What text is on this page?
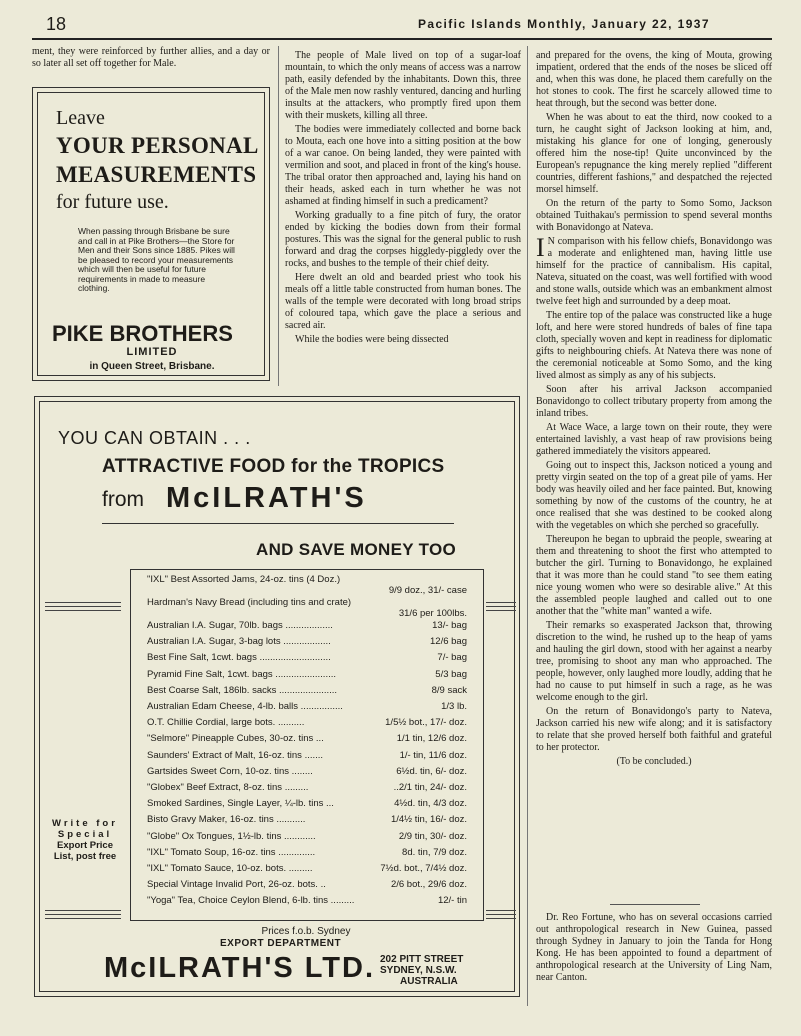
18	Pacific Islands Monthly, January 22, 1937

ment, they were reinforced by further allies, and a day or so later all set off together for Male.

Leave
YOUR PERSONAL
MEASUREMENTS
for future use.
When passing through Brisbane be sure and call in at Pike Brothers—the Store for Men and their Sons since 1885. Pikes will be pleased to record your measurements which will then be useful for future requirements in made to measure clothing.
PIKE BROTHERS
LIMITED
in Queen Street, Brisbane.

The people of Male lived on top of a sugar-loaf mountain, to which the only means of access was a narrow path, easily defended by the inhabitants. Down this, three of the Male men now rashly ventured, dancing and hurling insults at the attackers, who promptly fired upon them with their muskets, killing all three.

The bodies were immediately collected and borne back to Mouta, each one hove into a sitting position at the bow of a war canoe. On being landed, they were painted with vermilion and soot, and placed in front of the king's house. The tribal orator then approached and, laying his hand on their heads, asked each in turn whether he was not ashamed at finding himself in such a predicament?

Working gradually to a fine pitch of fury, the orator ended by kicking the bodies down from their formal postures. This was the signal for the general public to rush forward and drag the corpses higgledy-piggledy over the rocks, and bushes to the temple of their chief deity.

Here dwelt an old and bearded priest who took his meals off a little table constructed from human bones. The walls of the temple were decorated with long broad strips of coloured tapa, which gave the place a serious and sacred air.

While the bodies were being dissected

and prepared for the ovens, the king of Mouta, growing impatient, ordered that the ends of the noses be sliced off and, when this was done, he placed them carefully on the hot stones to cook. The first he scarcely allowed time to heat through, but the second was better done.

When he was about to eat the third, now cooked to a turn, he caught sight of Jackson looking at him, and, mistaking his glance for one of longing, generously offered him the nose-tip! Quite unconvinced by the European's repugnance the king merely replied "different countries, different fashions," and despatched the rejected morsel himself.

On the return of the party to Somo Somo, Jackson obtained Tuithakau's permission to spend several months with Bonavidongo at Nateva.

I N comparison with his fellow chiefs, Bonavidongo was a moderate and enlightened man, having little use himself for the practice of cannibalism. His capital, Nateva, situated on the coast, was well fortified with wood and stone walls, outside which was an embankment almost twelve feet high and surrounded by a deep moat.

The entire top of the palace was constructed like a huge loft, and here were stored hundreds of bales of fine tapa cloth, specially woven and kept in readiness for diplomatic gifts to neighbouring chiefs. At Nateva there was none of the ceremonial noticeable at Somo Somo, and the king lived almost as simply as any of his subjects.

Soon after his arrival Jackson accompanied Bonavidongo to collect tributary property from among the inland tribes.

At Wace Wace, a large town on their route, they were entertained lavishly, a vast heap of raw provisions being gathered immediately the visitors appeared.

Going out to inspect this, Jackson noticed a young and pretty virgin seated on the top of a great pile of yams. Her body was heavily oiled and her face painted. But, knowing something by now of the customs of the country, he at once realised that she was destined to be cooked along with the vegetables on which she perched so gracefully.

Thereupon he began to upbraid the people, swearing at them and threatening to shoot the first who attempted to butcher the girl. Turning to Bonavidongo, he explained that it was more than he could stand "to see them eating nice young women who were so desirable alive." At this the assembled people laughed and called out to one another that the "white man" wanted a wife.

Their remarks so exasperated Jackson that, throwing discretion to the wind, he rushed up to the heap of yams and hauling the girl down, stood with her against a nearby tree, promising to shoot any man who approached. The people, however, only laughed more loudly, adding that he had no cause to put himself in such a rage, as he was welcome enough to the girl.

On the return of Bonavidongo's party to Nateva, Jackson carried his new wife along; and it is satisfactory to relate that she proved herself both faithful and grateful to her protector.

(To be concluded.)

Dr. Reo Fortune, who has on several occasions carried out anthropological research in New Guinea, passed through Sydney in January to join the Tanda for Hong Kong. He has been appointed to found a department of anthropological research at the University of Ling Nam, near Canton.

YOU CAN OBTAIN . . .
ATTRACTIVE FOOD for the TROPICS
from McILRATH'S
AND SAVE MONEY TOO
Write for
Special
Export Price
List, post free
"IXL" Best Assorted Jams, 24-oz. tins (4 Doz.)
9/9 doz., 31/- case
Hardman's Navy Bread (including tins and crate)
31/6 per 100lbs.
Australian I.A. Sugar, 70lb. bags ..................	13/- bag
Australian I.A. Sugar, 3-bag lots ..................	12/6 bag
Best Fine Salt, 1cwt. bags ...........................	7/- bag
Pyramid Fine Salt, 1cwt. bags .......................	5/3 bag
Best Coarse Salt, 186lb. sacks ......................	8/9 sack
Australian Edam Cheese, 4-lb. balls ................	1/3 lb.
O.T. Chillie Cordial, large bots. ..........	1/5½ bot., 17/- doz.
"Selmore" Pineapple Cubes, 30-oz. tins ...	1/1 tin, 12/6 doz.
Saunders' Extract of Malt, 16-oz. tins .......	1/- tin, 11/6 doz.
Gartsides Sweet Corn, 10-oz. tins ........	6½d. tin, 6/- doz.
"Globex" Beef Extract, 8-oz. tins .........	..2/1 tin, 24/- doz.
Smoked Sardines, Single Layer, ¼-lb. tins ...	4½d. tin, 4/3 doz.
Bisto Gravy Maker, 16-oz. tins ...........	1/4½ tin, 16/- doz.
"Globe" Ox Tongues, 1½-lb. tins ............	2/9 tin, 30/- doz.
"IXL" Tomato Soup, 16-oz. tins ..............	8d. tin, 7/9 doz.
"IXL" Tomato Sauce, 10-oz. bots. .........	7½d. bot., 7/4½ doz.
Special Vintage Invalid Port, 26-oz. bots. ..	2/6 bot., 29/6 doz.
"Yoga" Tea, Choice Ceylon Blend, 6-lb. tins .........	12/- tin
Prices f.o.b. Sydney
EXPORT DEPARTMENT
McILRATH'S LTD. 202 PITT STREET
SYDNEY, N.S.W.
AUSTRALIA
